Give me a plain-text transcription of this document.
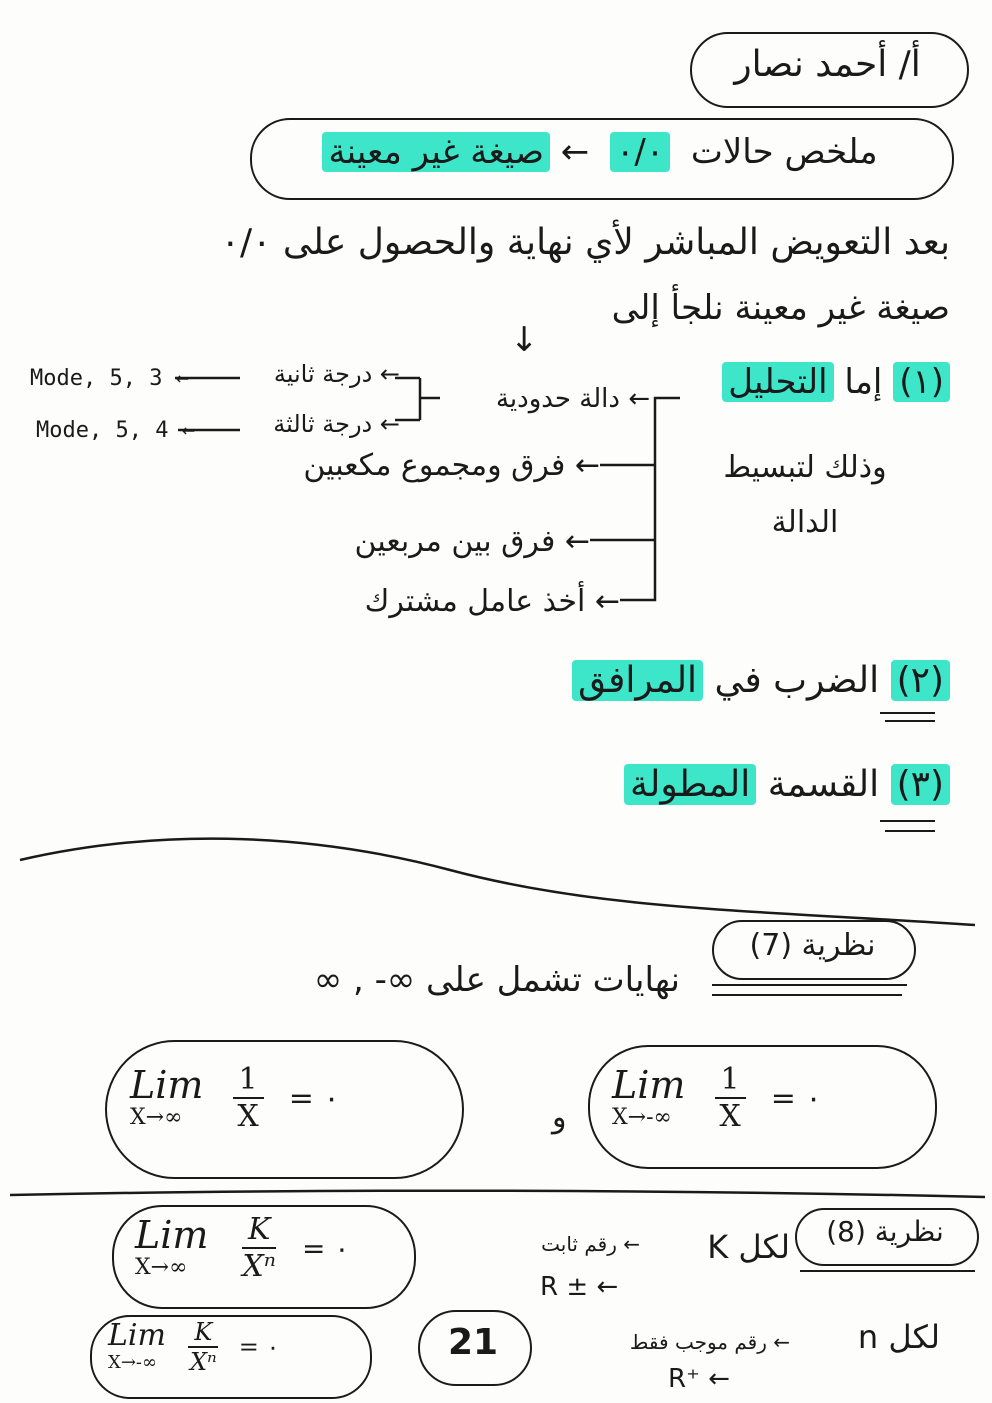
أ/ أحمد نصار
ملخص حالات ٠/٠ ← صيغة غير معينة
بعد التعويض المباشر لأي نهاية والحصول على ٠/٠
صيغة غير معينة نلجأ إلى
↓
(١) إما التحليل
وذلك لتبسيط
الدالة
← دالة حدودية
← درجة ثانية
← درجة ثالثة
Mode, 5, 3 ←
Mode, 5, 4 ←
← فرق ومجموع مكعبين
← فرق بين مربعين
← أخذ عامل مشترك
(٢) الضرب في المرافق
(٣) القسمة المطولة
نظرية (7)
نهايات تشمل على ∞- , ∞
Lim
$X\to\infty \frac{1}{X}$ = ٠
و
Lim
$X\to-\infty \frac{1}{X}$ = ٠
نظرية (8)
لكل K
← رقم ثابت
R ± ←
لكل n
← رقم موجب فقط
R⁺ ←
Lim
$X\to\infty \frac{K}{\text{Xⁿ}}$ = ٠
Lim
$X\to-\infty \frac{K}{\text{Xⁿ}}$ = ٠	21
